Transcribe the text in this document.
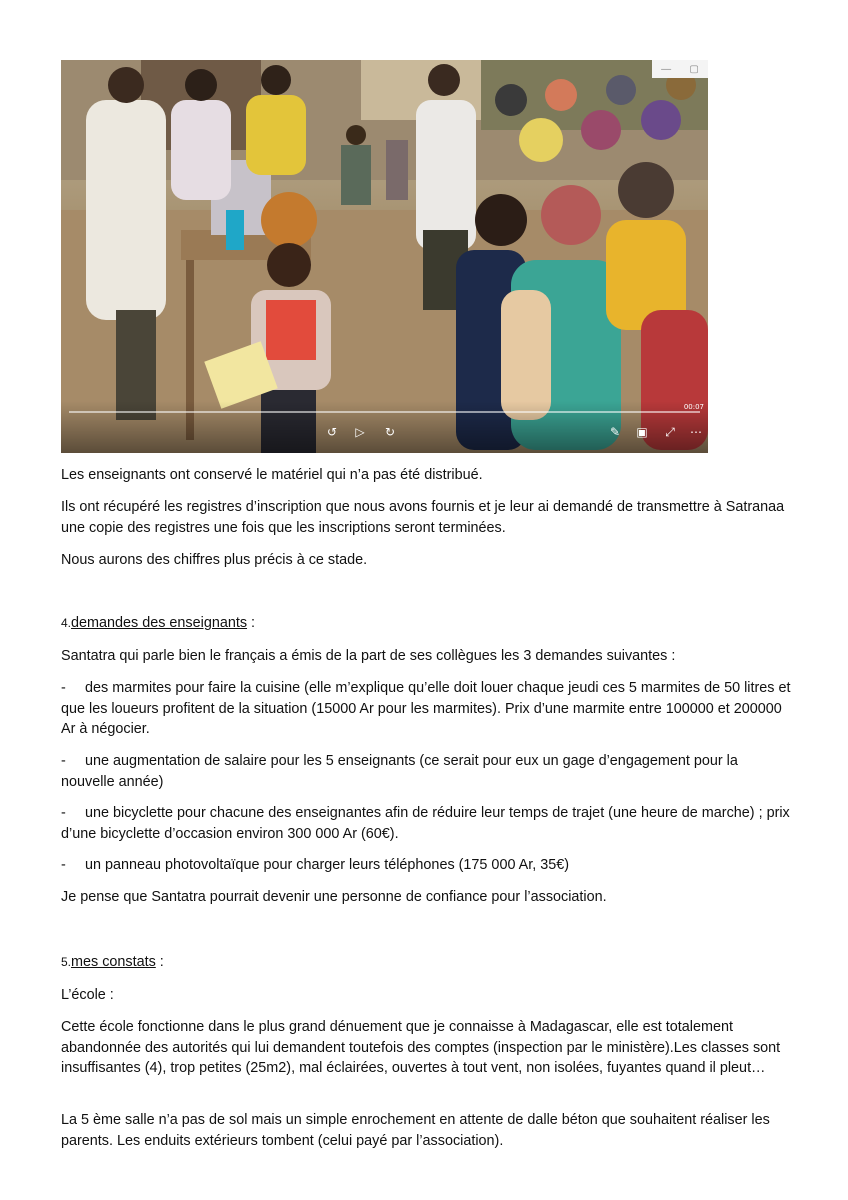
— ▢
00:07
↺	▷	↻	✎	▣	⤢	⋯

Les enseignants ont conservé le matériel qui n’a pas été distribué.

Ils ont récupéré les registres d’inscription que nous avons fournis et je leur ai demandé de transmettre à Satranaa une copie des registres une fois que les inscriptions seront terminées.

Nous aurons des chiffres plus précis à ce stade.

4.demandes des enseignants :

Santatra qui parle bien le français a émis de la part de ses collègues les 3 demandes suivantes :

- des marmites pour faire la cuisine (elle m’explique qu’elle doit louer chaque jeudi ces 5 marmites de 50 litres et que les loueurs profitent de la situation (15000 Ar pour les marmites). Prix d’une marmite entre 100000 et 200000 Ar à négocier.

- une augmentation de salaire pour les 5 enseignants (ce serait pour eux un gage d’engagement pour la nouvelle année)

- une bicyclette pour chacune des enseignantes afin de réduire leur temps de trajet (une heure de marche) ; prix d’une bicyclette d’occasion environ 300 000 Ar (60€).

- un panneau photovoltaïque pour charger leurs téléphones (175 000 Ar, 35€)

Je pense que Santatra pourrait devenir une personne de confiance pour l’association.

5.mes constats :

L’école :

Cette école fonctionne dans le plus grand dénuement que je connaisse à Madagascar, elle est totalement abandonnée des autorités qui lui demandent toutefois des comptes (inspection par le ministère).Les classes sont insuffisantes (4), trop petites (25m2), mal éclairées, ouvertes à tout vent, non isolées, fuyantes quand il pleut…

La 5 ème salle n’a pas de sol mais un simple enrochement en attente de dalle béton que souhaitent réaliser les parents. Les enduits extérieurs tombent (celui payé par l’association).
